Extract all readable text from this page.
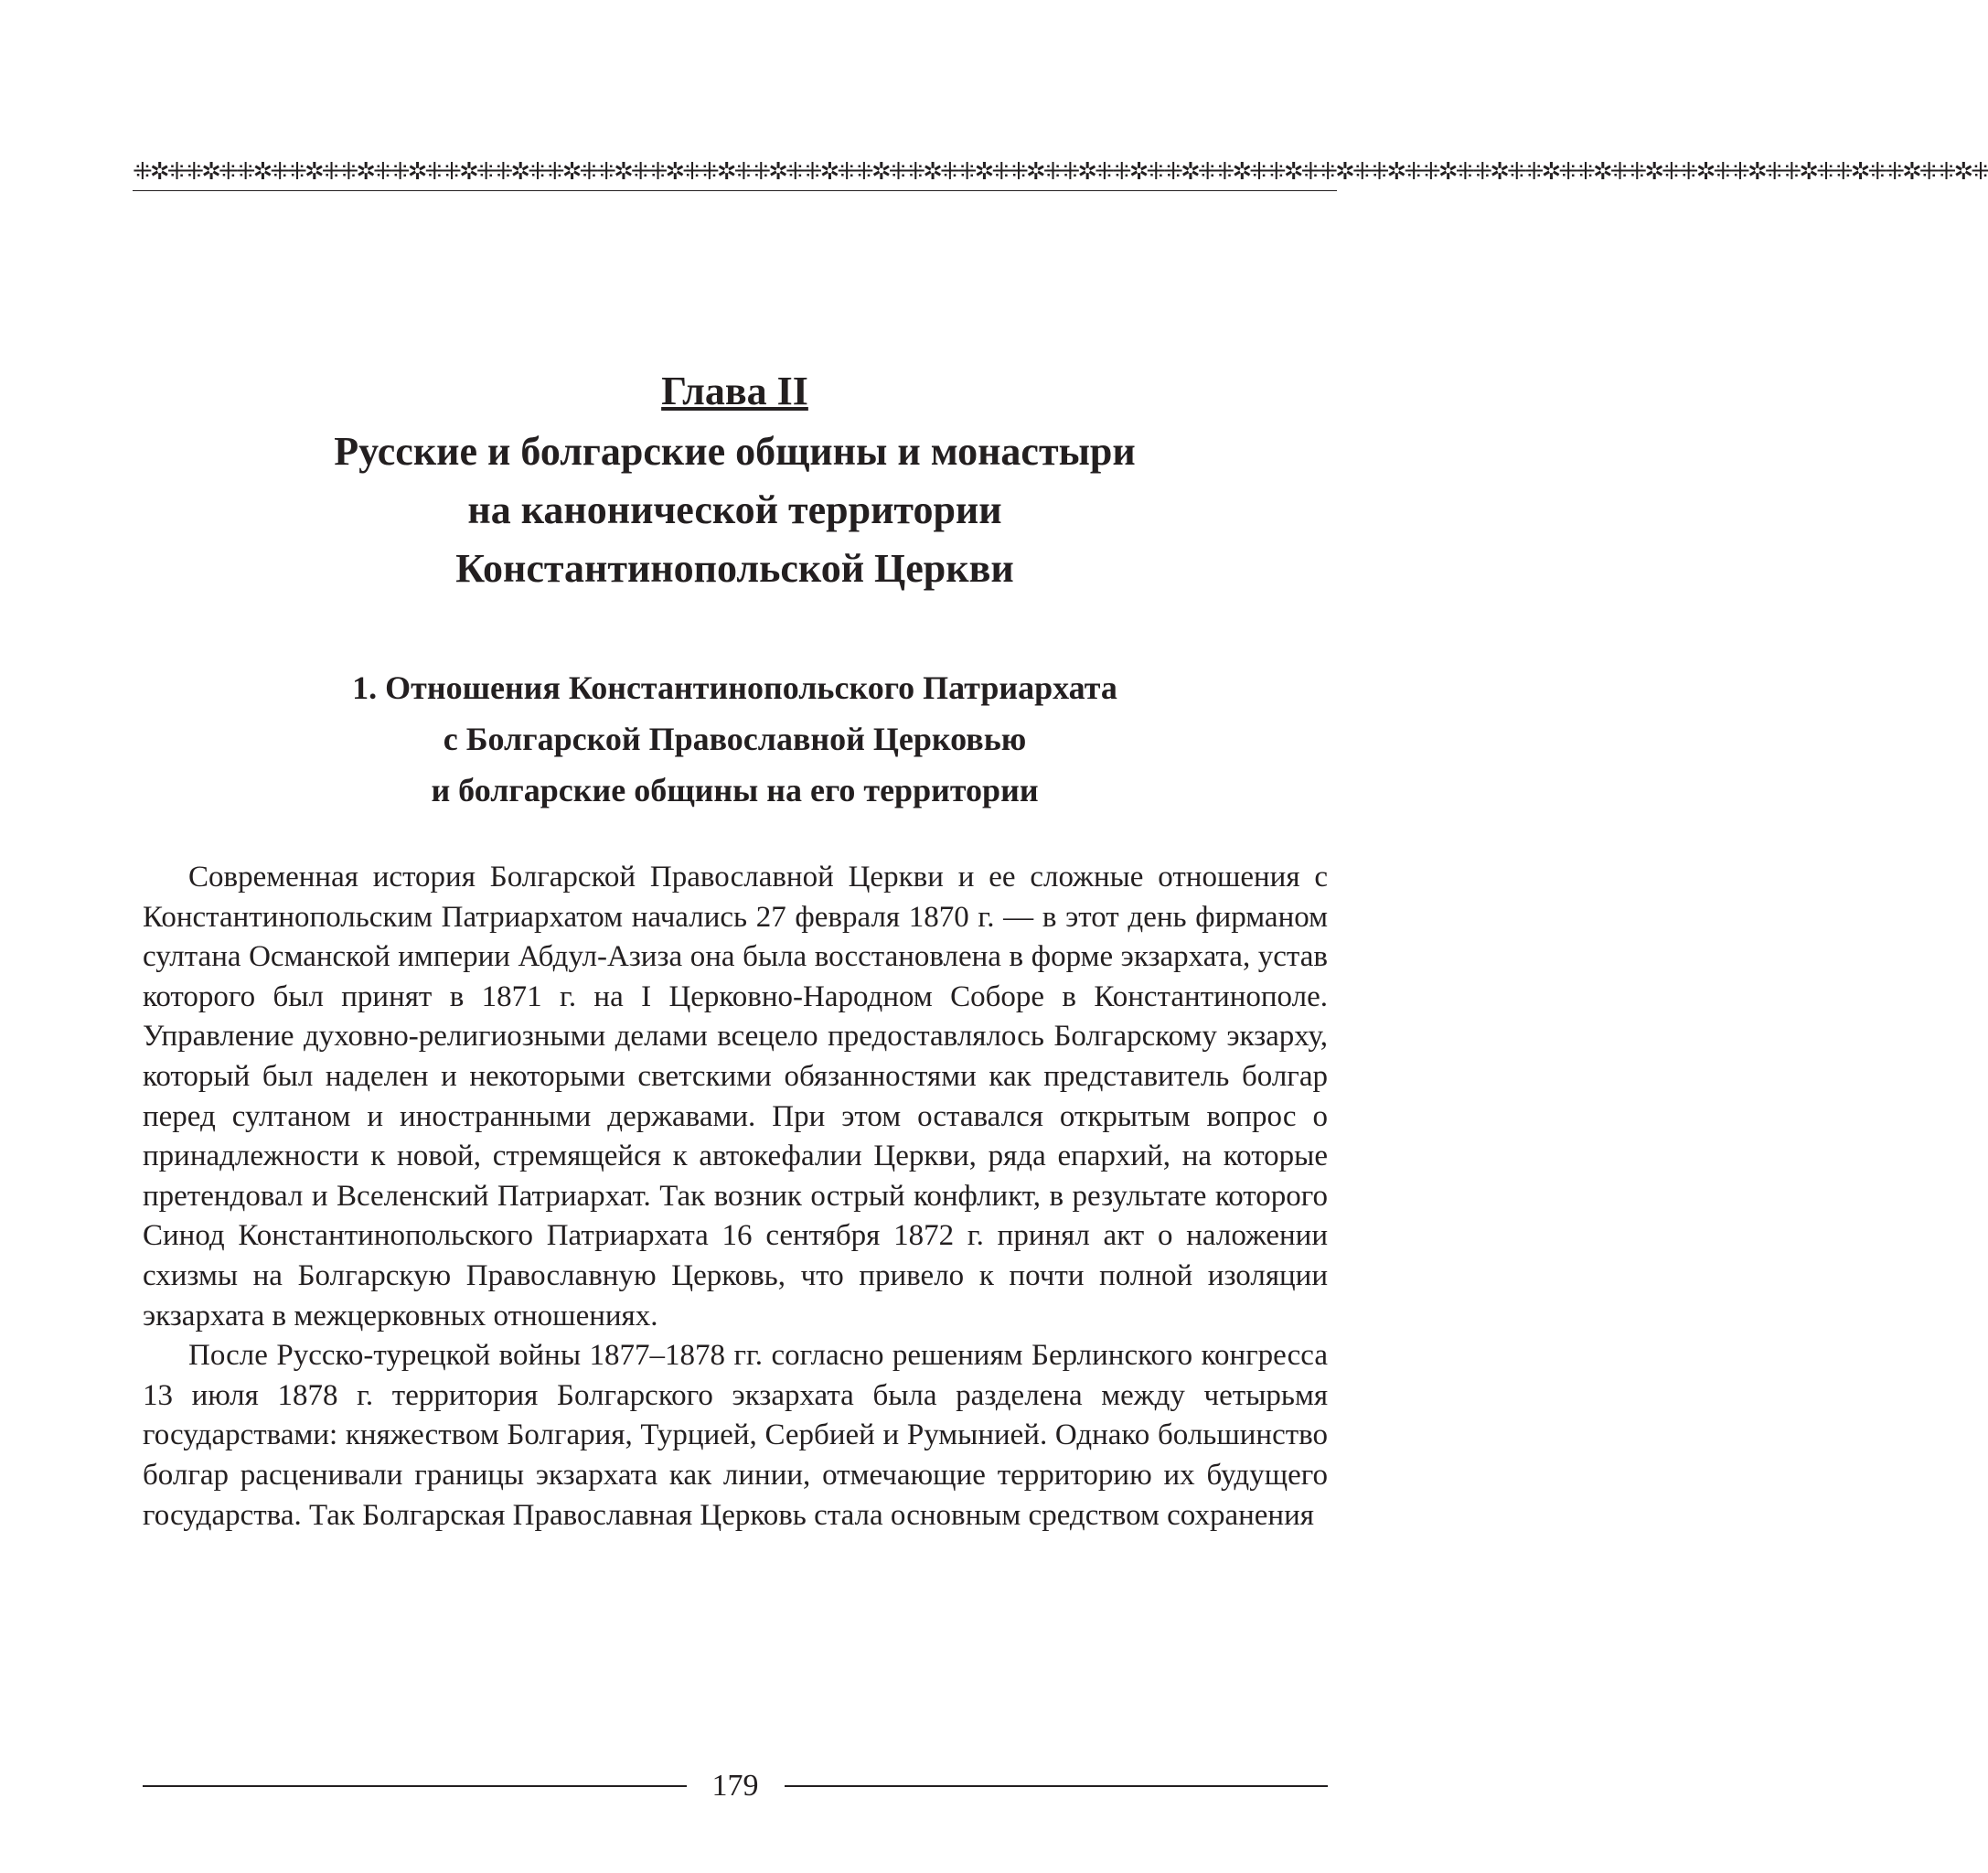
⁜✲⁜ ⁜✲⁜ ⁜✲⁜ ⁜✲⁜ ⁜✲⁜ ⁜✲⁜ ⁜✲⁜ ⁜✲⁜ ⁜✲⁜ ⁜✲⁜ ⁜✲⁜ ⁜✲⁜ ⁜✲⁜ ⁜✲⁜ ⁜✲⁜ ⁜✲⁜ ⁜✲⁜ ⁜✲⁜ ⁜✲⁜ ⁜✲⁜ ⁜✲⁜ ⁜✲⁜ ⁜✲⁜ ⁜✲⁜ ⁜✲⁜ ⁜✲⁜ ⁜✲⁜ ⁜✲⁜ ⁜✲⁜ ⁜✲⁜ ⁜✲⁜ ⁜✲⁜ ⁜✲⁜ ⁜✲⁜ ⁜✲⁜ ⁜✲⁜
Глава II
Русские и болгарские общины и монастыри
на канонической территории
Константинопольской Церкви
1. Отношения Константинопольского Патриархата
с Болгарской Православной Церковью
и болгарские общины на его территории

Современная история Болгарской Православной Церкви и ее сложные отношения с Константинопольским Патриархатом начались 27 февраля 1870 г. — в этот день фирманом султана Османской империи Абдул-Азиза она была восстановлена в форме экзархата, устав которого был принят в 1871 г. на I Церковно-Народном Соборе в Константинополе. Управление духовно-религиозными делами всецело предоставлялось Болгарскому экзарху, который был наделен и некоторыми светскими обязанностями как представитель болгар перед султаном и иностранными державами. При этом оставался открытым вопрос о принадлежности к новой, стремящейся к автокефалии Церкви, ряда епархий, на которые претендовал и Вселенский Патриархат. Так возник острый конфликт, в результате которого Синод Константинопольского Патриархата 16 сентября 1872 г. принял акт о наложении схизмы на Болгарскую Православную Церковь, что привело к почти полной изоляции экзархата в межцерковных отношениях.

После Русско-турецкой войны 1877–1878 гг. согласно решениям Берлинского конгресса 13 июля 1878 г. территория Болгарского экзархата была разделена между четырьмя государствами: княжеством Болгария, Турцией, Сербией и Румынией. Однако большинство болгар расценивали границы экзархата как линии, отмечающие территорию их будущего государства. Так Болгарская Православная Церковь стала основным средством сохранения

179
